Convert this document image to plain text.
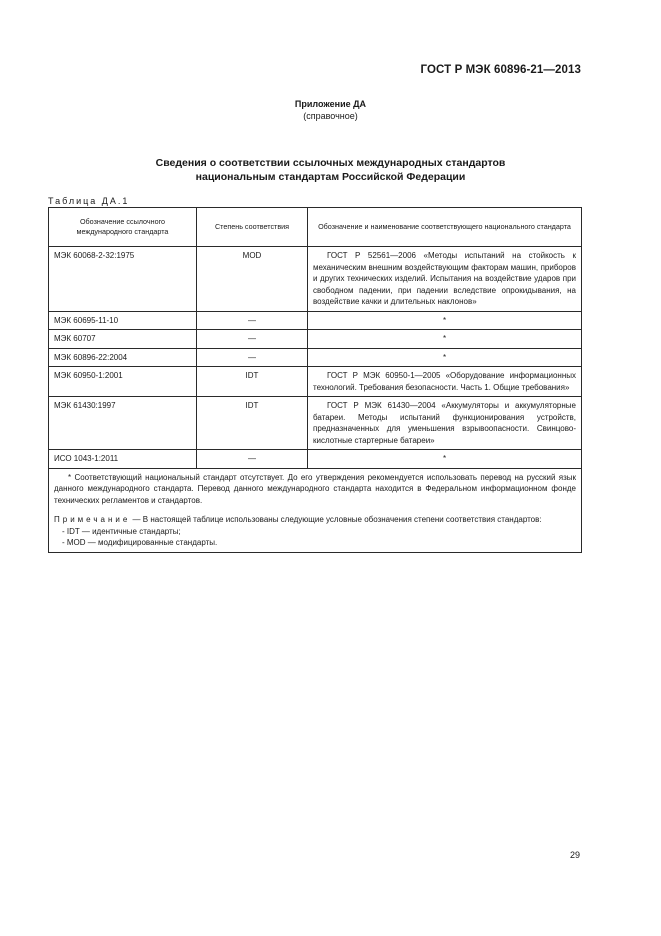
ГОСТ Р МЭК 60896-21—2013
Приложение ДА
(справочное)
Сведения о соответствии ссылочных международных стандартов
национальным стандартам Российской Федерации
Таблица ДА.1
Обозначение ссылочного международного стандарта	Степень соответствия	Обозначение и наименование соответствующего национального стандарта
МЭК 60068-2-32:1975	MOD	ГОСТ Р 52561—2006 «Методы испытаний на стойкость к механическим внешним воздействующим факторам машин, приборов и других технических изделий. Испытания на воздействие ударов при свободном падении, при падении вследствие опрокидывания, на воздействие качки и длительных наклонов»
МЭК 60695-11-10	—	*
МЭК 60707	—	*
МЭК 60896-22:2004	—	*
МЭК 60950-1:2001	IDT	ГОСТ Р МЭК 60950-1—2005 «Оборудование информационных технологий. Требования безопасности. Часть 1. Общие требования»
МЭК 61430:1997	IDT	ГОСТ Р МЭК 61430—2004 «Аккумуляторы и аккумуляторные батареи. Методы испытаний функционирования устройств, предназначенных для уменьшения взрывоопасности. Свинцово-кислотные стартерные батареи»
ИСО 1043-1:2011	—	*

* Соответствующий национальный стандарт отсутствует. До его утверждения рекомендуется использовать перевод на русский язык данного международного стандарта. Перевод данного международного стандарта находится в Федеральном информационном фонде технических регламентов и стандартов.

Примечание — В настоящей таблице использованы следующие условные обозначения степени соответствия стандартов:

- IDT — идентичные стандарты;

- MOD — модифицированные стандарты.		

29
